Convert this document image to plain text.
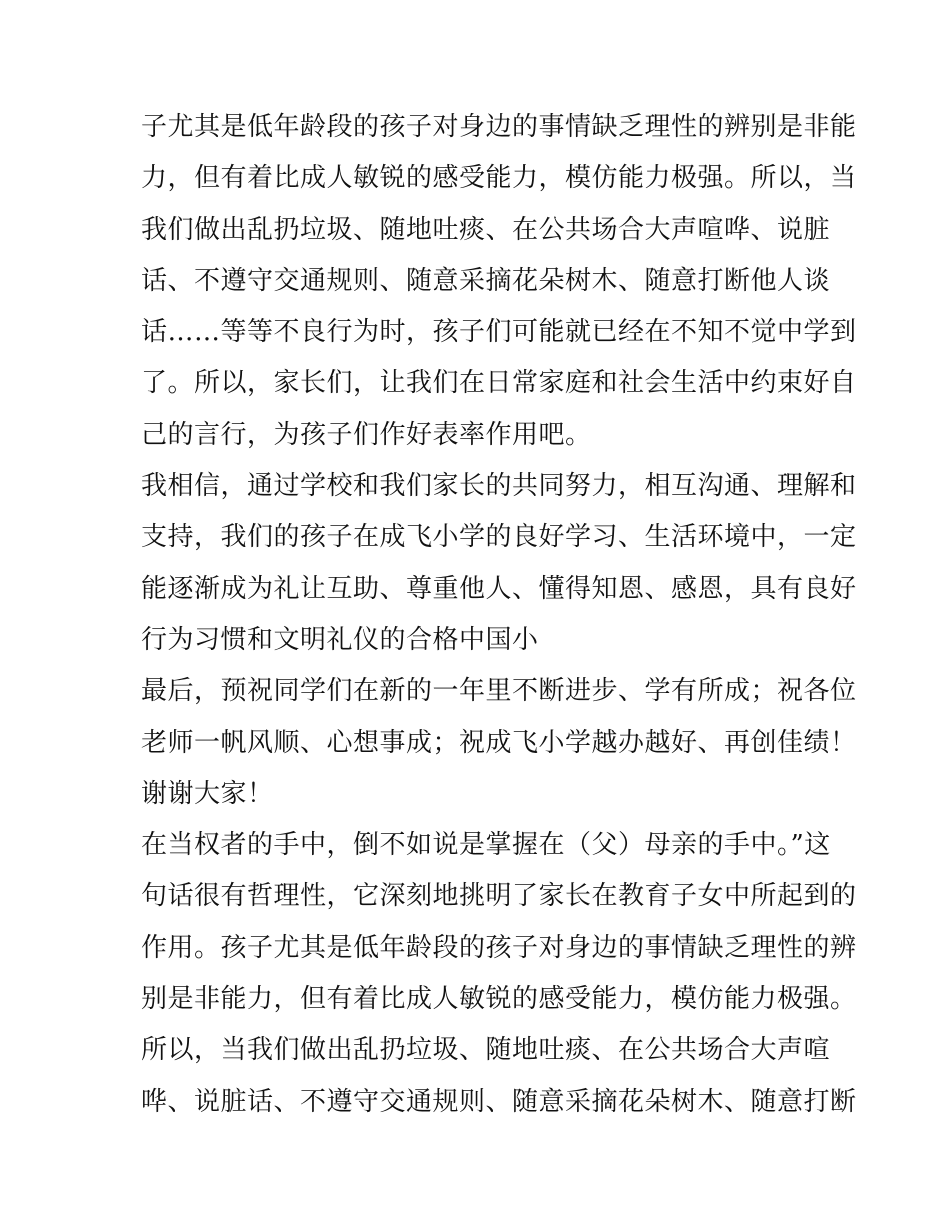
子尤其是低年龄段的孩子对身边的事情缺乏理性的辨别是非能
力，但有着比成人敏锐的感受能力，模仿能力极强。所以，当
我们做出乱扔垃圾、随地吐痰、在公共场合大声喧哗、说脏
话、不遵守交通规则、随意采摘花朵树木、随意打断他人谈
话……等等不良行为时，孩子们可能就已经在不知不觉中学到
了。所以，家长们，让我们在日常家庭和社会生活中约束好自
己的言行，为孩子们作好表率作用吧。
我相信，通过学校和我们家长的共同努力，相互沟通、理解和
支持，我们的孩子在成飞小学的良好学习、生活环境中，一定
能逐渐成为礼让互助、尊重他人、懂得知恩、感恩，具有良好
行为习惯和文明礼仪的合格中国小
最后，预祝同学们在新的一年里不断进步、学有所成；祝各位
老师一帆风顺、心想事成；祝成飞小学越办越好、再创佳绩！
谢谢大家！
在当权者的手中，倒不如说是掌握在（父）母亲的手中。”这
句话很有哲理性，它深刻地挑明了家长在教育子女中所起到的
作用。孩子尤其是低年龄段的孩子对身边的事情缺乏理性的辨
别是非能力，但有着比成人敏锐的感受能力，模仿能力极强。
所以，当我们做出乱扔垃圾、随地吐痰、在公共场合大声喧
哗、说脏话、不遵守交通规则、随意采摘花朵树木、随意打断
